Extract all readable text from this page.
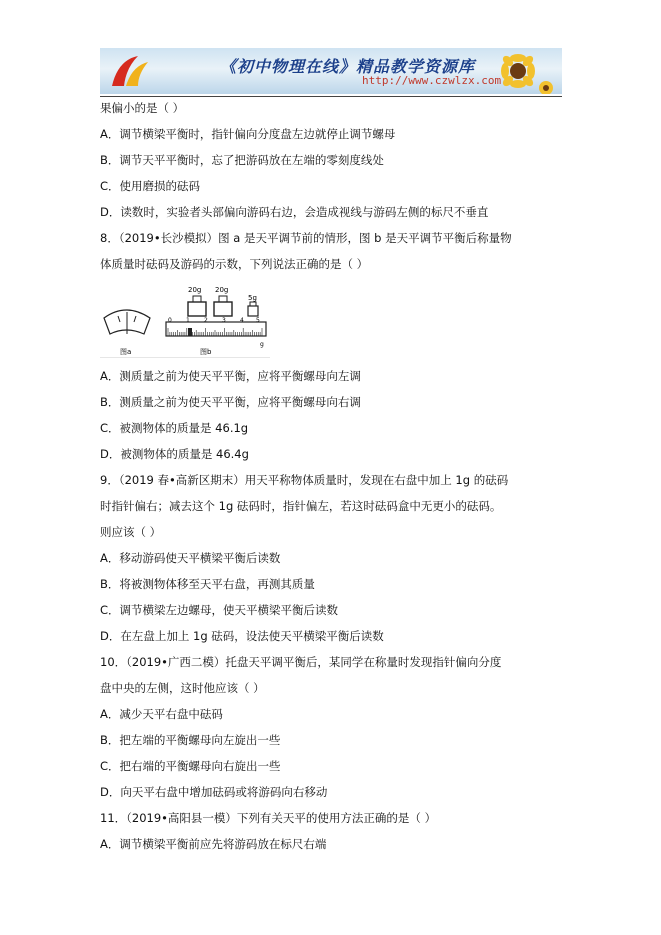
《初中物理在线》精品教学资源库
http://www.czwlzx.com
果偏小的是（ ）
A．调节横梁平衡时，指针偏向分度盘左边就停止调节螺母
B．调节天平平衡时，忘了把游码放在左端的零刻度线处
C．使用磨损的砝码
D．读数时，实验者头部偏向游码右边，会造成视线与游码左侧的标尺不垂直
8．（2019•长沙模拟）图 a 是天平调节前的情形，图 b 是天平调节平衡后称量物
体质量时砝码及游码的示数，下列说法正确的是（ ）
图a
20g 20g
5g
0 1 2 3 4 5
g
图b
A．测质量之前为使天平平衡，应将平衡螺母向左调
B．测质量之前为使天平平衡，应将平衡螺母向右调
C．被测物体的质量是 46.1g
D．被测物体的质量是 46.4g
9．（2019 春•高新区期末）用天平称物体质量时，发现在右盘中加上 1g 的砝码
时指针偏右；减去这个 1g 砝码时，指针偏左，若这时砝码盒中无更小的砝码。
则应该（ ）
A．移动游码使天平横梁平衡后读数
B．将被测物体移至天平右盘，再测其质量
C．调节横梁左边螺母，使天平横梁平衡后读数
D．在左盘上加上 1g 砝码，设法使天平横梁平衡后读数
10．（2019•广西二模）托盘天平调平衡后，某同学在称量时发现指针偏向分度
盘中央的左侧，这时他应该（ ）
A．减少天平右盘中砝码
B．把左端的平衡螺母向左旋出一些
C．把右端的平衡螺母向右旋出一些
D．向天平右盘中增加砝码或将游码向右移动
11．（2019•高阳县一模）下列有关天平的使用方法正确的是（ ）
A．调节横梁平衡前应先将游码放在标尺右端
